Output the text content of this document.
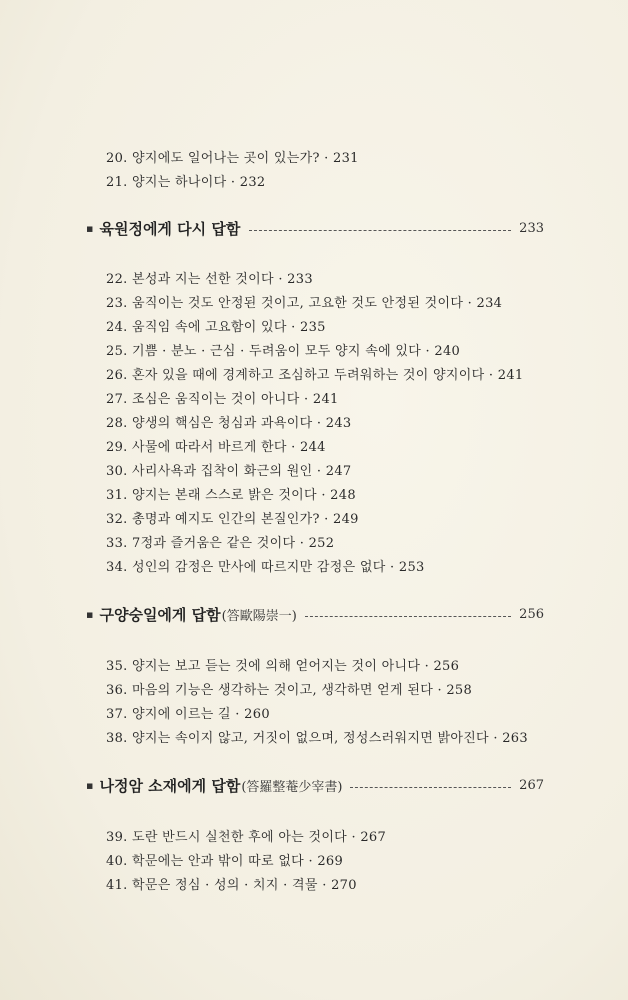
20. 양지에도 일어나는 곳이 있는가? · 231
21. 양지는 하나이다 · 232
▪ 육원정에게 다시 답함	233
22. 본성과 지는 선한 것이다 · 233
23. 움직이는 것도 안정된 것이고, 고요한 것도 안정된 것이다 · 234
24. 움직임 속에 고요함이 있다 · 235
25. 기쁨 · 분노 · 근심 · 두려움이 모두 양지 속에 있다 · 240
26. 혼자 있을 때에 경계하고 조심하고 두려워하는 것이 양지이다 · 241
27. 조심은 움직이는 것이 아니다 · 241
28. 양생의 핵심은 청심과 과욕이다 · 243
29. 사물에 따라서 바르게 한다 · 244
30. 사리사욕과 집착이 화근의 원인 · 247
31. 양지는 본래 스스로 밝은 것이다 · 248
32. 총명과 예지도 인간의 본질인가? · 249
33. 7정과 즐거움은 같은 것이다 · 252
34. 성인의 감정은 만사에 따르지만 감정은 없다 · 253
▪ 구양숭일에게 답함 (答歐陽崇一)	256
35. 양지는 보고 듣는 것에 의해 얻어지는 것이 아니다 · 256
36. 마음의 기능은 생각하는 것이고, 생각하면 얻게 된다 · 258
37. 양지에 이르는 길 · 260
38. 양지는 속이지 않고, 거짓이 없으며, 정성스러워지면 밝아진다 · 263
▪ 나정암 소재에게 답함 (答羅整菴少宰書)	267
39. 도란 반드시 실천한 후에 아는 것이다 · 267
40. 학문에는 안과 밖이 따로 없다 · 269
41. 학문은 정심 · 성의 · 치지 · 격물 · 270
